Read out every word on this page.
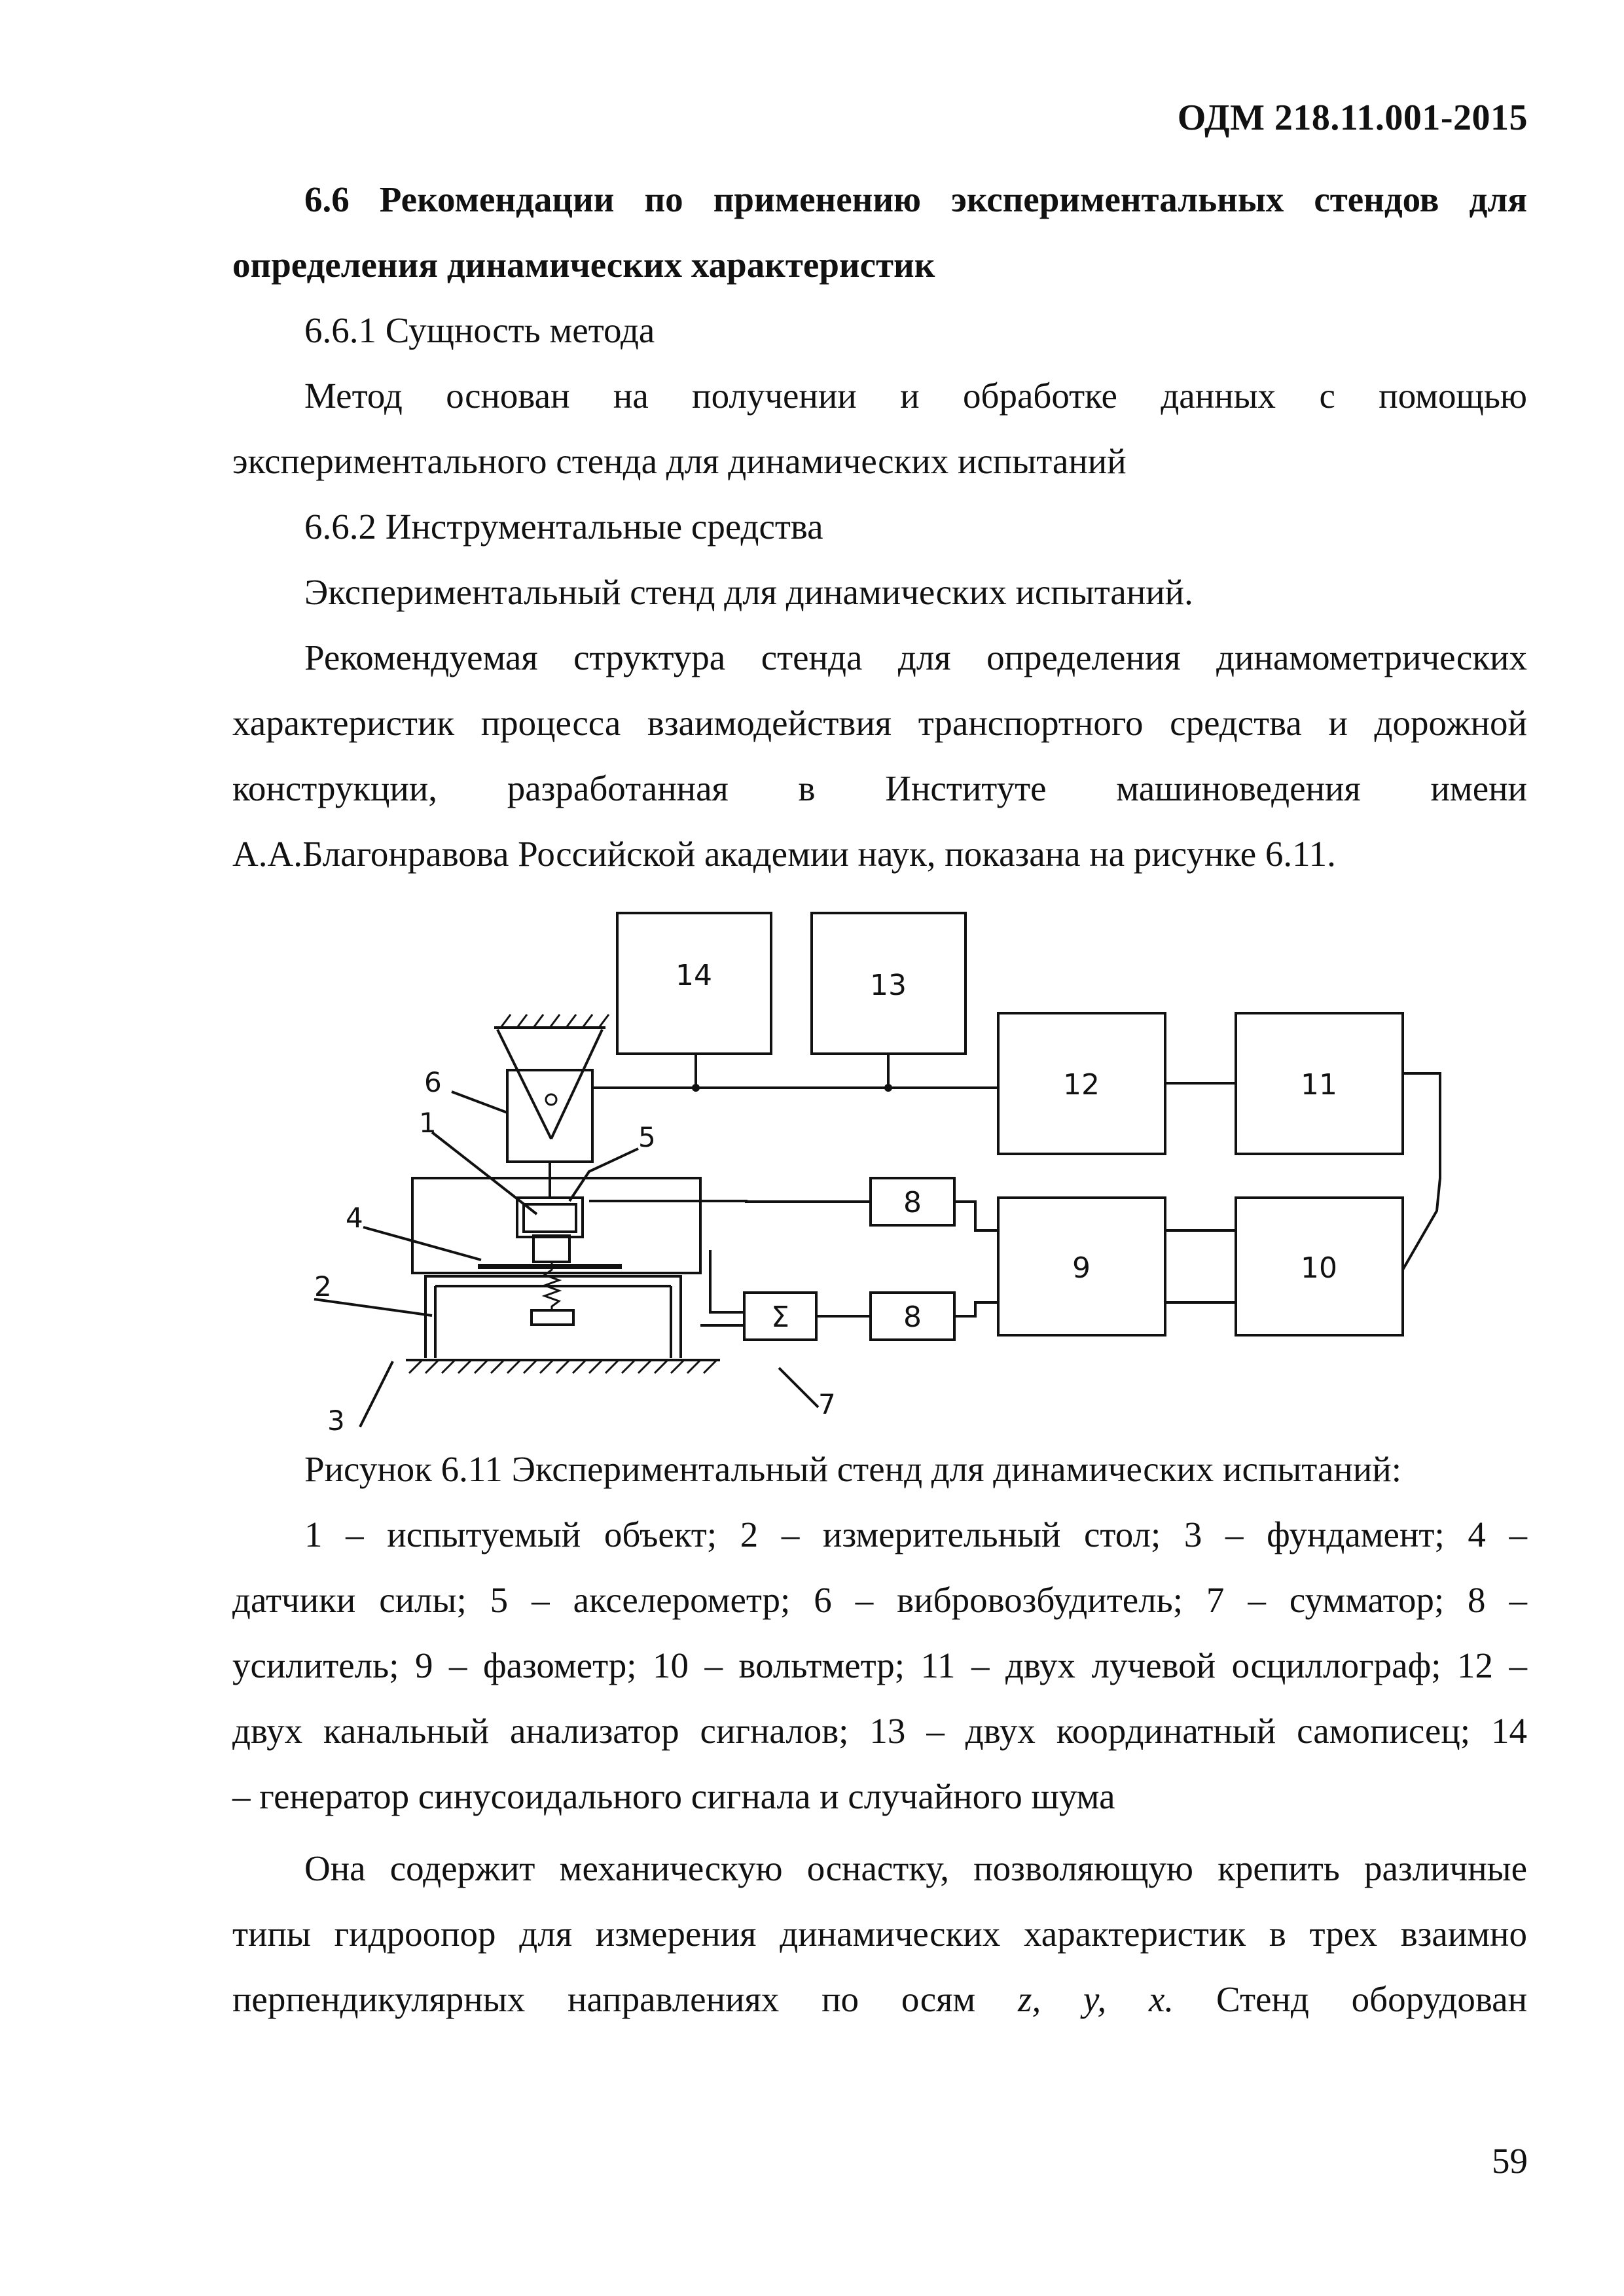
ОДМ 218.11.001-2015
6.6 Рекомендации по применению экспериментальных стендов для
определения динамических характеристик
6.6.1 Сущность метода
Метод основан на получении и обработке данных с помощью
экспериментального стенда для динамических испытаний
6.6.2 Инструментальные средства
Экспериментальный стенд для динамических испытаний.
Рекомендуемая структура стенда для определения динамометрических
характеристик процесса взаимодействия транспортного средства и дорожной
конструкции, разработанная в Институте машиноведения имени
А.А.Благонравова Российской академии наук, показана на рисунке 6.11.
14	13
12	11
8
8
9	10
Σ
6
1	5
4
2
3
7
Рисунок 6.11 Экспериментальный стенд для динамических испытаний:
1 – испытуемый объект; 2 – измерительный стол; 3 – фундамент; 4 –
датчики силы; 5 – акселерометр; 6 – вибровозбудитель; 7 – сумматор; 8 –
усилитель; 9 – фазометр; 10 – вольтметр; 11 – двух лучевой осциллограф; 12 –
двух канальный анализатор сигналов; 13 – двух координатный самописец; 14
– генератор синусоидального сигнала и случайного шума
Она содержит механическую оснастку, позволяющую крепить различные
типы гидроопор для измерения динамических характеристик в трех взаимно
перпендикулярных направлениях по осям z, y, x. Стенд оборудован
59
